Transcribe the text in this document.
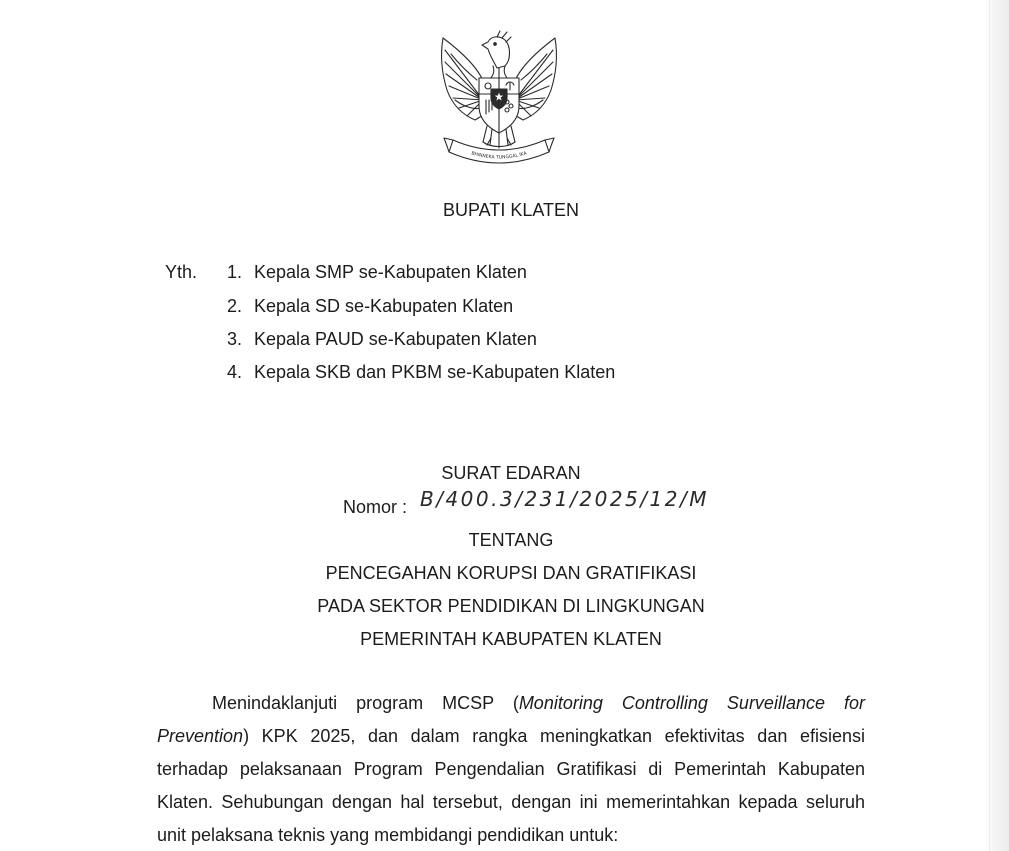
BHINNEKA TUNGGAL IKA
BUPATI KLATEN
Yth.	1. Kepala SMP se-Kabupaten Klaten
2. Kepala SD se-Kabupaten Klaten
3. Kepala PAUD se-Kabupaten Klaten
4. Kepala SKB dan PKBM se-Kabupaten Klaten
SURAT EDARAN
Nomor : B/400.3/231/2025/12/M
TENTANG
PENCEGAHAN KORUPSI DAN GRATIFIKASI
PADA SEKTOR PENDIDIKAN DI LINGKUNGAN
PEMERINTAH KABUPATEN KLATEN
Menindaklanjuti program MCSP (Monitoring Controlling Surveillance for
Prevention) KPK 2025, dan dalam rangka meningkatkan efektivitas dan efisiensi
terhadap pelaksanaan Program Pengendalian Gratifikasi di Pemerintah Kabupaten
Klaten. Sehubungan dengan hal tersebut, dengan ini memerintahkan kepada seluruh
unit pelaksana teknis yang membidangi pendidikan untuk:
